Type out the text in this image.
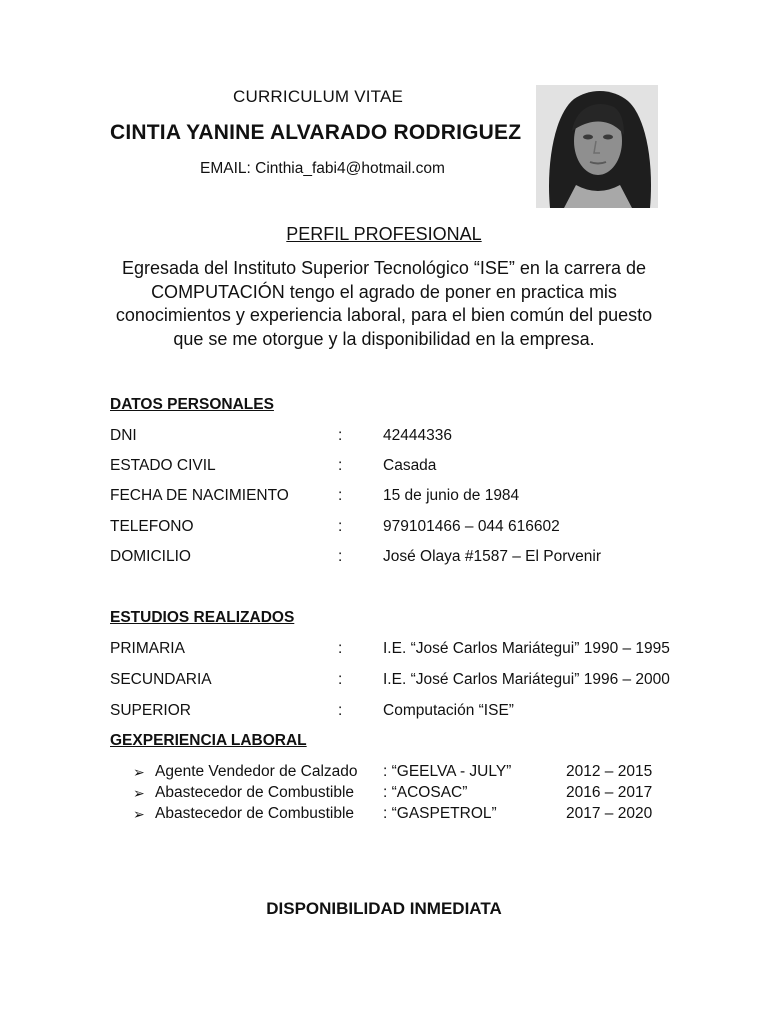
CURRICULUM VITAE
CINTIA YANINE ALVARADO RODRIGUEZ
EMAIL: Cinthia_fabi4@hotmail.com
PERFIL PROFESIONAL
Egresada del Instituto Superior Tecnológico “ISE” en la carrera de COMPUTACIÓN tengo el agrado de poner en practica mis conocimientos y experiencia laboral, para el bien común del puesto que se me otorgue y la disponibilidad en la empresa.
DATOS PERSONALES
DNI	:	42444336
ESTADO CIVIL	:	Casada
FECHA DE NACIMIENTO	:	15 de junio de 1984
TELEFONO	:	979101466 – 044 616602
DOMICILIO	:	José Olaya #1587 – El Porvenir
ESTUDIOS REALIZADOS
PRIMARIA	:	I.E. “José Carlos Mariátegui” 1990 – 1995
SECUNDARIA	:	I.E. “José Carlos Mariátegui” 1996 – 2000
SUPERIOR	:	Computación “ISE”
GEXPERIENCIA LABORAL
➢ Agente Vendedor de Calzado : “GEELVA - JULY”	2012 – 2015
➢ Abastecedor de Combustible : “ACOSAC”	2016 – 2017
➢ Abastecedor de Combustible : “GASPETROL”	2017 – 2020
DISPONIBILIDAD INMEDIATA
